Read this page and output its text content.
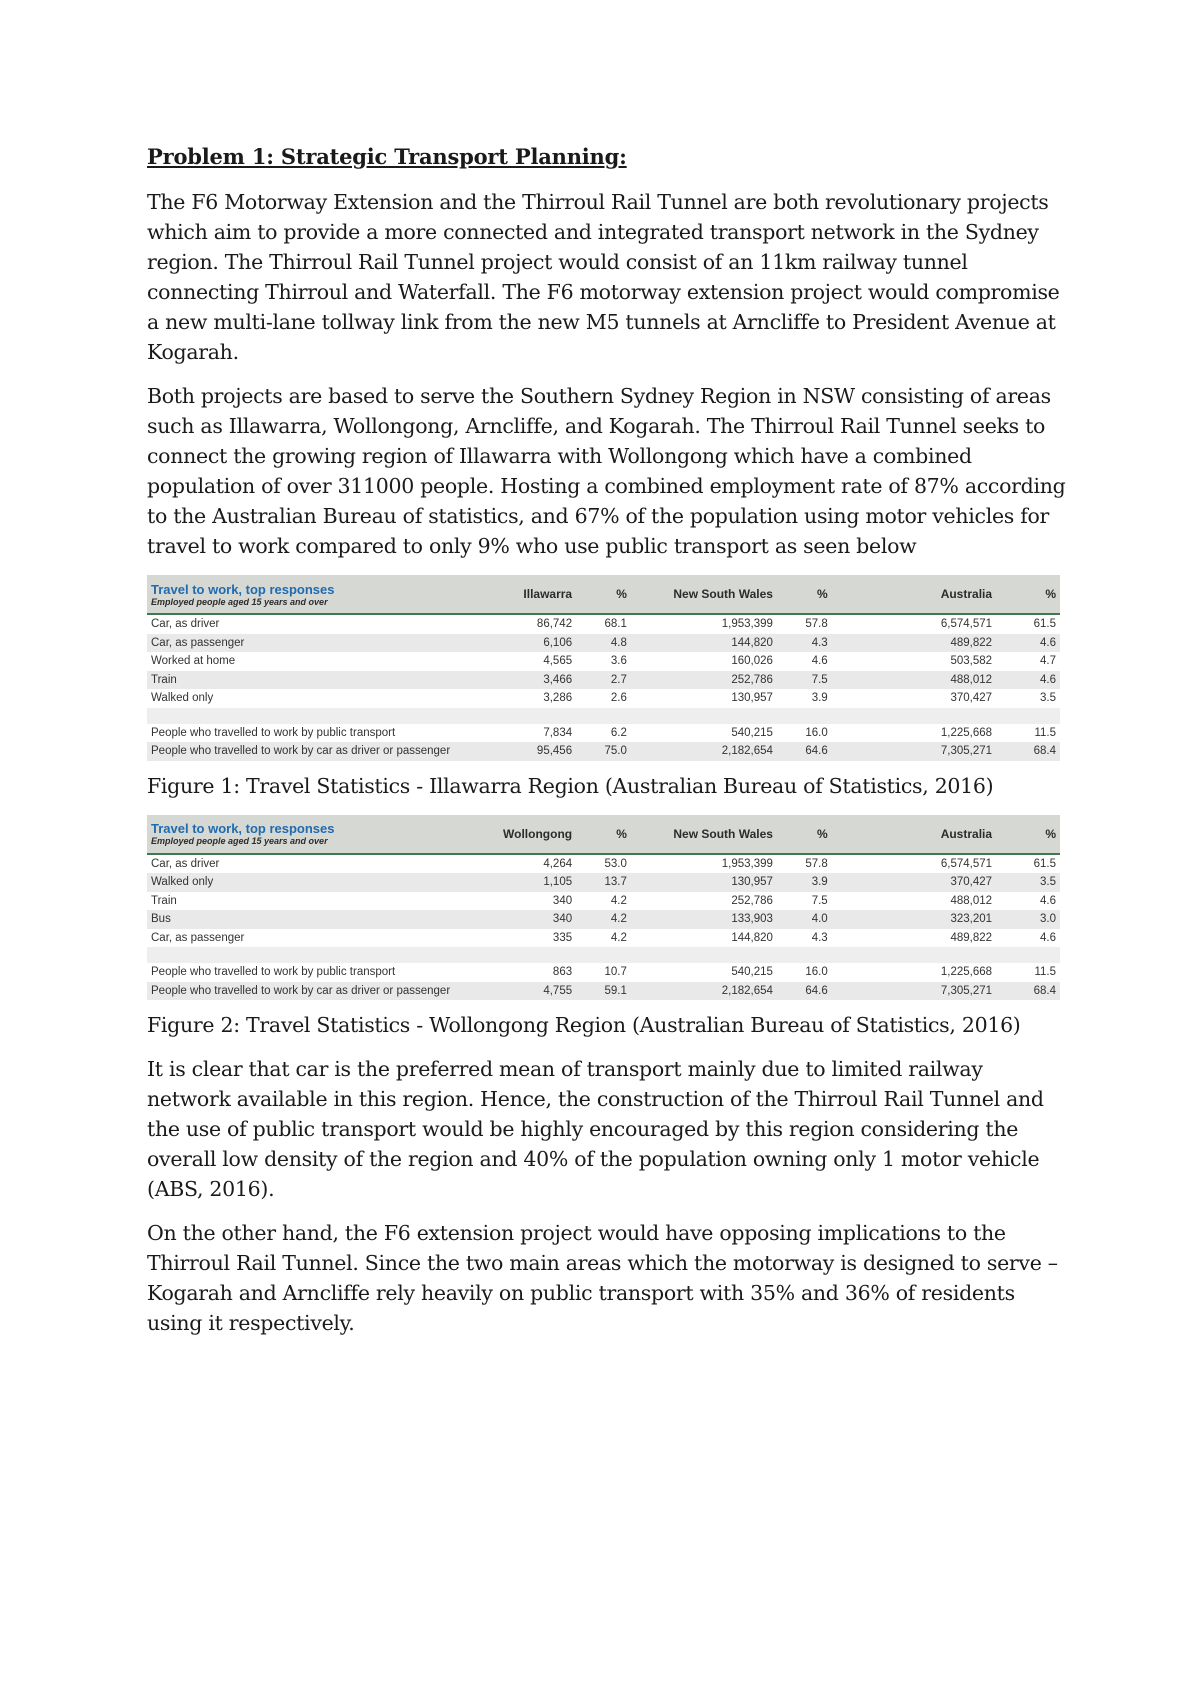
Problem 1: Strategic Transport Planning:

The F6 Motorway Extension and the Thirroul Rail Tunnel are both revolutionary projects which aim to provide a more connected and integrated transport network in the Sydney region. The Thirroul Rail Tunnel project would consist of an 11km railway tunnel connecting Thirroul and Waterfall. The F6 motorway extension project would compromise a new multi-lane tollway link from the new M5 tunnels at Arncliffe to President Avenue at Kogarah.

Both projects are based to serve the Southern Sydney Region in NSW consisting of areas such as Illawarra, Wollongong, Arncliffe, and Kogarah. The Thirroul Rail Tunnel seeks to connect the growing region of Illawarra with Wollongong which have a combined population of over 311000 people. Hosting a combined employment rate of 87% according to the Australian Bureau of statistics, and 67% of the population using motor vehicles for travel to work compared to only 9% who use public transport as seen below

Travel to work, top responses
Employed people aged 15 years and over	Illawarra	%	New South Wales	%	Australia	%
Car, as driver	86,742	68.1	1,953,399	57.8	6,574,571	61.5
Car, as passenger	6,106	4.8	144,820	4.3	489,822	4.6
Worked at home	4,565	3.6	160,026	4.6	503,582	4.7
Train	3,466	2.7	252,786	7.5	488,012	4.6
Walked only	3,286	2.6	130,957	3.9	370,427	3.5

People who travelled to work by public transport	7,834	6.2	540,215	16.0	1,225,668	11.5
People who travelled to work by car as driver or passenger	95,456	75.0	2,182,654	64.6	7,305,271	68.4

Figure 1: Travel Statistics - Illawarra Region (Australian Bureau of Statistics, 2016)

Travel to work, top responses
Employed people aged 15 years and over	Wollongong	%	New South Wales	%	Australia	%
Car, as driver	4,264	53.0	1,953,399	57.8	6,574,571	61.5
Walked only	1,105	13.7	130,957	3.9	370,427	3.5
Train	340	4.2	252,786	7.5	488,012	4.6
Bus	340	4.2	133,903	4.0	323,201	3.0
Car, as passenger	335	4.2	144,820	4.3	489,822	4.6

People who travelled to work by public transport	863	10.7	540,215	16.0	1,225,668	11.5
People who travelled to work by car as driver or passenger	4,755	59.1	2,182,654	64.6	7,305,271	68.4

Figure 2: Travel Statistics - Wollongong Region (Australian Bureau of Statistics, 2016)

It is clear that car is the preferred mean of transport mainly due to limited railway network available in this region. Hence, the construction of the Thirroul Rail Tunnel and the use of public transport would be highly encouraged by this region considering the overall low density of the region and 40% of the population owning only 1 motor vehicle (ABS, 2016).

On the other hand, the F6 extension project would have opposing implications to the Thirroul Rail Tunnel. Since the two main areas which the motorway is designed to serve – Kogarah and Arncliffe rely heavily on public transport with 35% and 36% of residents using it respectively.
